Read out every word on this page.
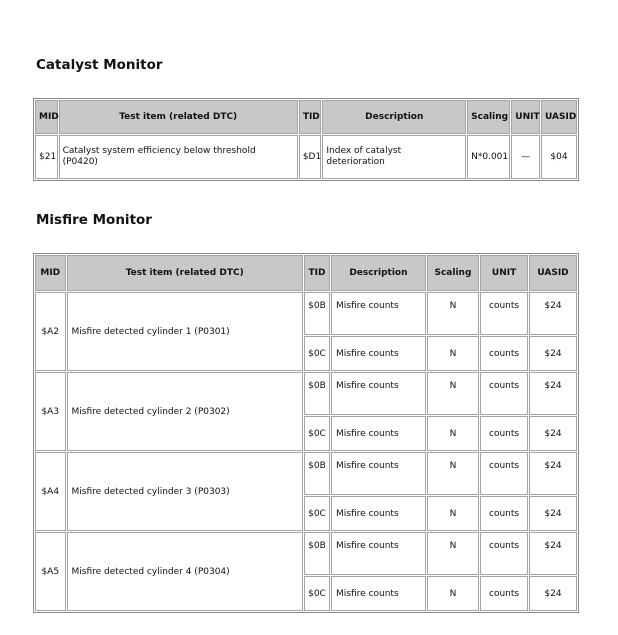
Catalyst Monitor
MID	Test item (related DTC)	TID	Description	Scaling	UNIT	UASID
$21	Catalyst system efficiency below threshold (P0420)	$D1	Index of catalyst deterioration	N*0.001	—	$04
Misfire Monitor
MID	Test item (related DTC)	TID	Description	Scaling	UNIT	UASID
$A2	Misfire detected cylinder 1 (P0301)	$0B	Misfire counts	N	counts	$24
		$0C	Misfire counts	N	counts	$24
$A3	Misfire detected cylinder 2 (P0302)	$0B	Misfire counts	N	counts	$24
		$0C	Misfire counts	N	counts	$24
$A4	Misfire detected cylinder 3 (P0303)	$0B	Misfire counts	N	counts	$24
		$0C	Misfire counts	N	counts	$24
$A5	Misfire detected cylinder 4 (P0304)	$0B	Misfire counts	N	counts	$24
		$0C	Misfire counts	N	counts	$24
